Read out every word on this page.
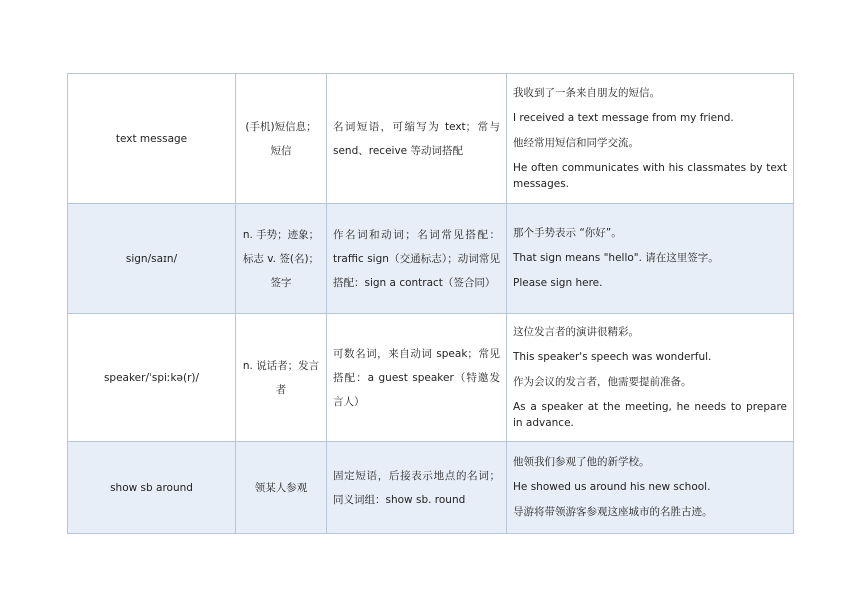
text message	(手机)短信息；短信	名词短语，可缩写为 text；常与 send、receive 等动词搭配	我收到了一条来自朋友的短信。

I received a text message from my friend.

他经常用短信和同学交流。

He often communicates with his classmates by text messages.

sign/saɪn/	n. 手势；迹象；标志 v. 签(名)；签字	作名词和动词；名词常见搭配：traffic sign（交通标志）；动词常见搭配：sign a contract（签合同）	那个手势表示 “你好”。

That sign means "hello". 请在这里签字。

Please sign here.

speaker/ˈspiːkə(r)/	n. 说话者；发言者	可数名词，来自动词 speak；常见搭配：a guest speaker（特邀发言人）	这位发言者的演讲很精彩。

This speaker's speech was wonderful.

作为会议的发言者，他需要提前准备。

As a speaker at the meeting, he needs to prepare in advance.

show sb around	领某人参观	固定短语，后接表示地点的名词；同义词组：show sb. round	他领我们参观了他的新学校。

He showed us around his new school.

导游将带领游客参观这座城市的名胜古迹。
